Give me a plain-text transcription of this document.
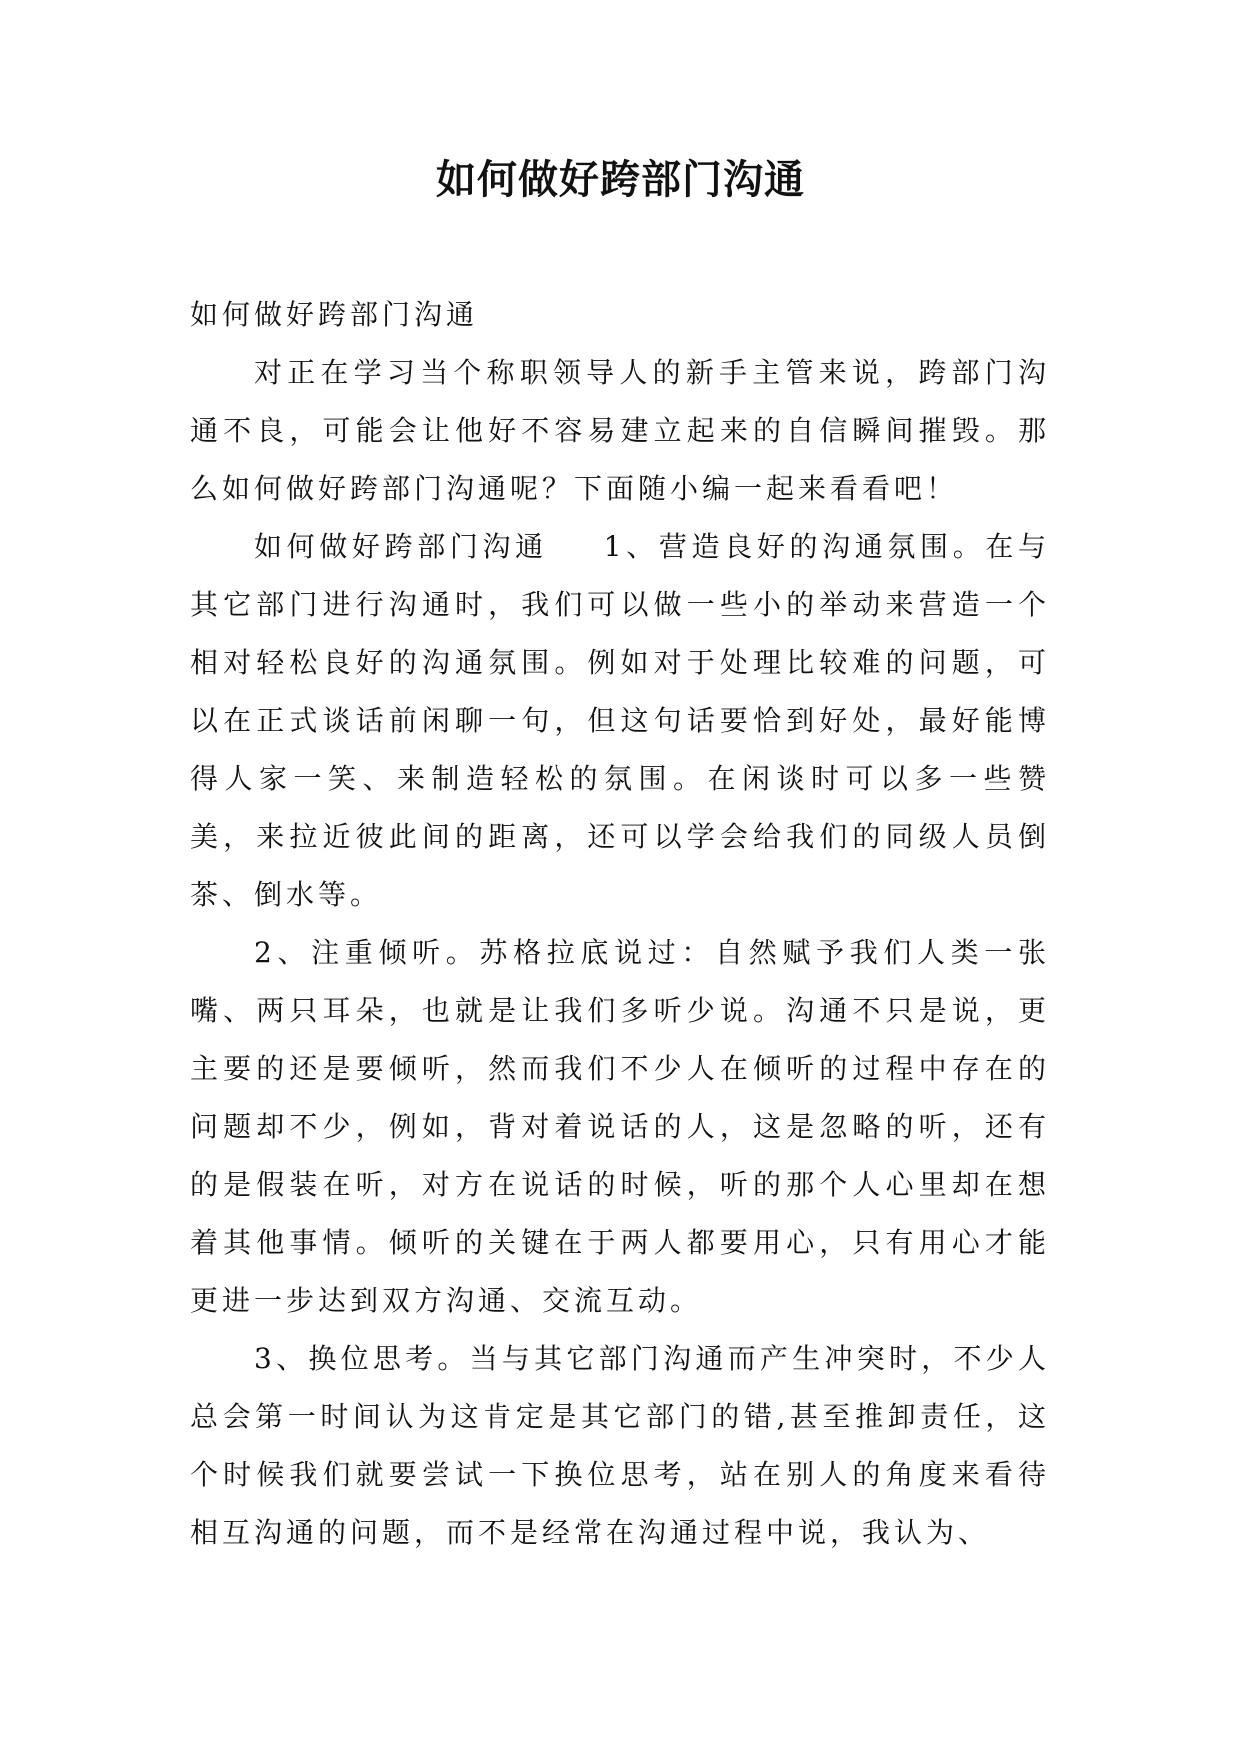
如何做好跨部门沟通

如何做好跨部门沟通

对正在学习当个称职领导人的新手主管来说，跨部门沟通不良，可能会让他好不容易建立起来的自信瞬间摧毁。那么如何做好跨部门沟通呢？下面随小编一起来看看吧！

如何做好跨部门沟通 1、营造良好的沟通氛围。在与其它部门进行沟通时，我们可以做一些小的举动来营造一个相对轻松良好的沟通氛围。例如对于处理比较难的问题，可以在正式谈话前闲聊一句，但这句话要恰到好处，最好能博得人家一笑、来制造轻松的氛围。在闲谈时可以多一些赞美，来拉近彼此间的距离，还可以学会给我们的同级人员倒茶、倒水等。

2、注重倾听。苏格拉底说过：自然赋予我们人类一张嘴、两只耳朵，也就是让我们多听少说。沟通不只是说，更主要的还是要倾听，然而我们不少人在倾听的过程中存在的问题却不少，例如，背对着说话的人，这是忽略的听，还有的是假装在听，对方在说话的时候，听的那个人心里却在想着其他事情。倾听的关键在于两人都要用心，只有用心才能更进一步达到双方沟通、交流互动。

3、换位思考。当与其它部门沟通而产生冲突时，不少人总会第一时间认为这肯定是其它部门的错,甚至推卸责任，这个时候我们就要尝试一下换位思考，站在别人的角度来看待相互沟通的问题，而不是经常在沟通过程中说，我认为、
